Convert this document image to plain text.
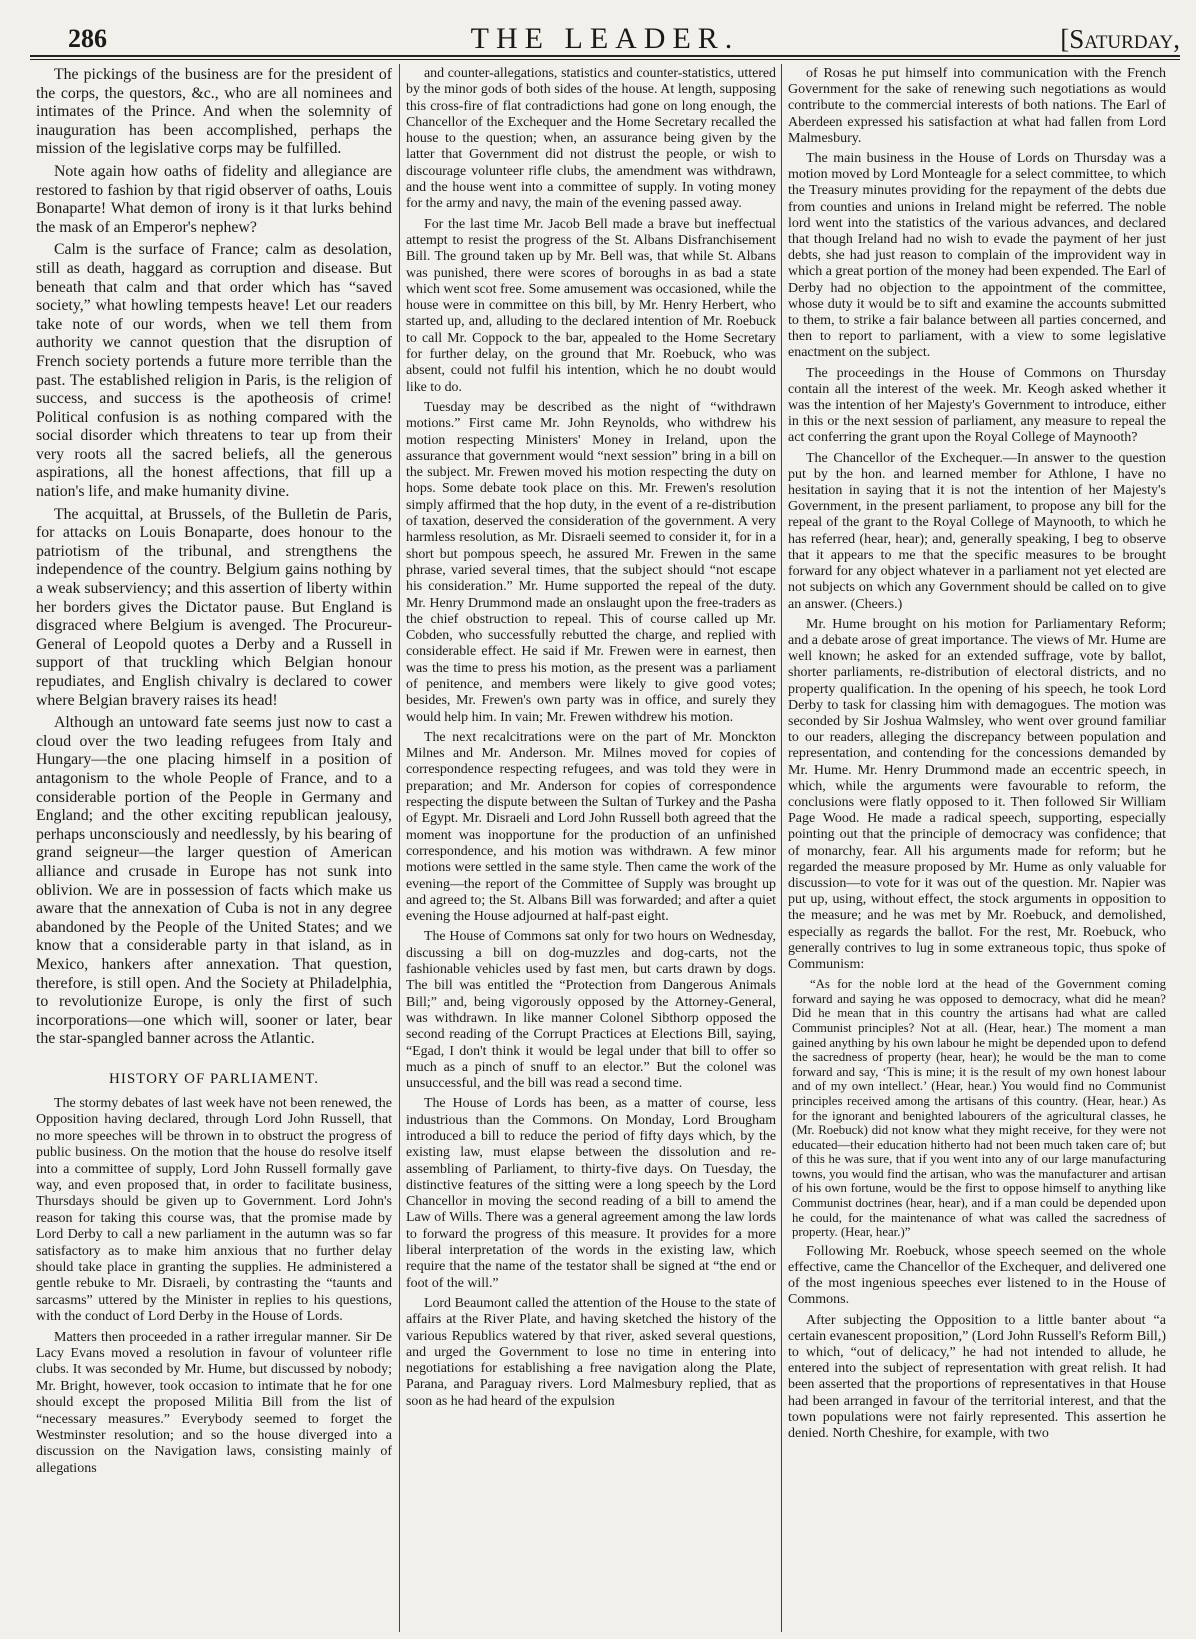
286	THE LEADER.	[Saturday,

The pickings of the business are for the president of the corps, the questors, &c., who are all nominees and intimates of the Prince. And when the solemnity of inauguration has been accomplished, perhaps the mission of the legislative corps may be fulfilled.

Note again how oaths of fidelity and allegiance are restored to fashion by that rigid observer of oaths, Louis Bonaparte! What demon of irony is it that lurks behind the mask of an Emperor's nephew?

Calm is the surface of France; calm as desolation, still as death, haggard as corruption and disease. But beneath that calm and that order which has “saved society,” what howling tempests heave! Let our readers take note of our words, when we tell them from authority we cannot question that the disruption of French society portends a future more terrible than the past. The established religion in Paris, is the religion of success, and success is the apotheosis of crime! Political confusion is as nothing compared with the social disorder which threatens to tear up from their very roots all the sacred beliefs, all the generous aspirations, all the honest affections, that fill up a nation's life, and make humanity divine.

The acquittal, at Brussels, of the Bulletin de Paris, for attacks on Louis Bonaparte, does honour to the patriotism of the tribunal, and strengthens the independence of the country. Belgium gains nothing by a weak subserviency; and this assertion of liberty within her borders gives the Dictator pause. But England is disgraced where Belgium is avenged. The Procureur-General of Leopold quotes a Derby and a Russell in support of that truckling which Belgian honour repudiates, and English chivalry is declared to cower where Belgian bravery raises its head!

Although an untoward fate seems just now to cast a cloud over the two leading refugees from Italy and Hungary—the one placing himself in a position of antagonism to the whole People of France, and to a considerable portion of the People in Germany and England; and the other exciting republican jealousy, perhaps unconsciously and needlessly, by his bearing of grand seigneur—the larger question of American alliance and crusade in Europe has not sunk into oblivion. We are in possession of facts which make us aware that the annexation of Cuba is not in any degree abandoned by the People of the United States; and we know that a considerable party in that island, as in Mexico, hankers after annexation. That question, therefore, is still open. And the Society at Philadelphia, to revolutionize Europe, is only the first of such incorporations—one which will, sooner or later, bear the star-spangled banner across the Atlantic.

HISTORY OF PARLIAMENT.

The stormy debates of last week have not been renewed, the Opposition having declared, through Lord John Russell, that no more speeches will be thrown in to obstruct the progress of public business. On the motion that the house do resolve itself into a committee of supply, Lord John Russell formally gave way, and even proposed that, in order to facilitate business, Thursdays should be given up to Government. Lord John's reason for taking this course was, that the promise made by Lord Derby to call a new parliament in the autumn was so far satisfactory as to make him anxious that no further delay should take place in granting the supplies. He administered a gentle rebuke to Mr. Disraeli, by contrasting the “taunts and sarcasms” uttered by the Minister in replies to his questions, with the conduct of Lord Derby in the House of Lords.

Matters then proceeded in a rather irregular manner. Sir De Lacy Evans moved a resolution in favour of volunteer rifle clubs. It was seconded by Mr. Hume, but discussed by nobody; Mr. Bright, however, took occasion to intimate that he for one should except the proposed Militia Bill from the list of “necessary measures.” Everybody seemed to forget the Westminster resolution; and so the house diverged into a discussion on the Navigation laws, consisting mainly of allegations

and counter-allegations, statistics and counter-statistics, uttered by the minor gods of both sides of the house. At length, supposing this cross-fire of flat contradictions had gone on long enough, the Chancellor of the Exchequer and the Home Secretary recalled the house to the question; when, an assurance being given by the latter that Government did not distrust the people, or wish to discourage volunteer rifle clubs, the amendment was withdrawn, and the house went into a committee of supply. In voting money for the army and navy, the main of the evening passed away.

For the last time Mr. Jacob Bell made a brave but ineffectual attempt to resist the progress of the St. Albans Disfranchisement Bill. The ground taken up by Mr. Bell was, that while St. Albans was punished, there were scores of boroughs in as bad a state which went scot free. Some amusement was occasioned, while the house were in committee on this bill, by Mr. Henry Herbert, who started up, and, alluding to the declared intention of Mr. Roebuck to call Mr. Coppock to the bar, appealed to the Home Secretary for further delay, on the ground that Mr. Roebuck, who was absent, could not fulfil his intention, which he no doubt would like to do.

Tuesday may be described as the night of “withdrawn motions.” First came Mr. John Reynolds, who withdrew his motion respecting Ministers' Money in Ireland, upon the assurance that government would “next session” bring in a bill on the subject. Mr. Frewen moved his motion respecting the duty on hops. Some debate took place on this. Mr. Frewen's resolution simply affirmed that the hop duty, in the event of a re-distribution of taxation, deserved the consideration of the government. A very harmless resolution, as Mr. Disraeli seemed to consider it, for in a short but pompous speech, he assured Mr. Frewen in the same phrase, varied several times, that the subject should “not escape his consideration.” Mr. Hume supported the repeal of the duty. Mr. Henry Drummond made an onslaught upon the free-traders as the chief obstruction to repeal. This of course called up Mr. Cobden, who successfully rebutted the charge, and replied with considerable effect. He said if Mr. Frewen were in earnest, then was the time to press his motion, as the present was a parliament of penitence, and members were likely to give good votes; besides, Mr. Frewen's own party was in office, and surely they would help him. In vain; Mr. Frewen withdrew his motion.

The next recalcitrations were on the part of Mr. Monckton Milnes and Mr. Anderson. Mr. Milnes moved for copies of correspondence respecting refugees, and was told they were in preparation; and Mr. Anderson for copies of correspondence respecting the dispute between the Sultan of Turkey and the Pasha of Egypt. Mr. Disraeli and Lord John Russell both agreed that the moment was inopportune for the production of an unfinished correspondence, and his motion was withdrawn. A few minor motions were settled in the same style. Then came the work of the evening—the report of the Committee of Supply was brought up and agreed to; the St. Albans Bill was forwarded; and after a quiet evening the House adjourned at half-past eight.

The House of Commons sat only for two hours on Wednesday, discussing a bill on dog-muzzles and dog-carts, not the fashionable vehicles used by fast men, but carts drawn by dogs. The bill was entitled the “Protection from Dangerous Animals Bill;” and, being vigorously opposed by the Attorney-General, was withdrawn. In like manner Colonel Sibthorp opposed the second reading of the Corrupt Practices at Elections Bill, saying, “Egad, I don't think it would be legal under that bill to offer so much as a pinch of snuff to an elector.” But the colonel was unsuccessful, and the bill was read a second time.

The House of Lords has been, as a matter of course, less industrious than the Commons. On Monday, Lord Brougham introduced a bill to reduce the period of fifty days which, by the existing law, must elapse between the dissolution and re-assembling of Parliament, to thirty-five days. On Tuesday, the distinctive features of the sitting were a long speech by the Lord Chancellor in moving the second reading of a bill to amend the Law of Wills. There was a general agreement among the law lords to forward the progress of this measure. It provides for a more liberal interpretation of the words in the existing law, which require that the name of the testator shall be signed at “the end or foot of the will.”

Lord Beaumont called the attention of the House to the state of affairs at the River Plate, and having sketched the history of the various Republics watered by that river, asked several questions, and urged the Government to lose no time in entering into negotiations for establishing a free navigation along the Plate, Parana, and Paraguay rivers. Lord Malmesbury replied, that as soon as he had heard of the expulsion

of Rosas he put himself into communication with the French Government for the sake of renewing such negotiations as would contribute to the commercial interests of both nations. The Earl of Aberdeen expressed his satisfaction at what had fallen from Lord Malmesbury.

The main business in the House of Lords on Thursday was a motion moved by Lord Monteagle for a select committee, to which the Treasury minutes providing for the repayment of the debts due from counties and unions in Ireland might be referred. The noble lord went into the statistics of the various advances, and declared that though Ireland had no wish to evade the payment of her just debts, she had just reason to complain of the improvident way in which a great portion of the money had been expended. The Earl of Derby had no objection to the appointment of the committee, whose duty it would be to sift and examine the accounts submitted to them, to strike a fair balance between all parties concerned, and then to report to parliament, with a view to some legislative enactment on the subject.

The proceedings in the House of Commons on Thursday contain all the interest of the week. Mr. Keogh asked whether it was the intention of her Majesty's Government to introduce, either in this or the next session of parliament, any measure to repeal the act conferring the grant upon the Royal College of Maynooth?

The Chancellor of the Exchequer.—In answer to the question put by the hon. and learned member for Athlone, I have no hesitation in saying that it is not the intention of her Majesty's Government, in the present parliament, to propose any bill for the repeal of the grant to the Royal College of Maynooth, to which he has referred (hear, hear); and, generally speaking, I beg to observe that it appears to me that the specific measures to be brought forward for any object whatever in a parliament not yet elected are not subjects on which any Government should be called on to give an answer. (Cheers.)

Mr. Hume brought on his motion for Parliamentary Reform; and a debate arose of great importance. The views of Mr. Hume are well known; he asked for an extended suffrage, vote by ballot, shorter parliaments, re-distribution of electoral districts, and no property qualification. In the opening of his speech, he took Lord Derby to task for classing him with demagogues. The motion was seconded by Sir Joshua Walmsley, who went over ground familiar to our readers, alleging the discrepancy between population and representation, and contending for the concessions demanded by Mr. Hume. Mr. Henry Drummond made an eccentric speech, in which, while the arguments were favourable to reform, the conclusions were flatly opposed to it. Then followed Sir William Page Wood. He made a radical speech, supporting, especially pointing out that the principle of democracy was confidence; that of monarchy, fear. All his arguments made for reform; but he regarded the measure proposed by Mr. Hume as only valuable for discussion—to vote for it was out of the question. Mr. Napier was put up, using, without effect, the stock arguments in opposition to the measure; and he was met by Mr. Roebuck, and demolished, especially as regards the ballot. For the rest, Mr. Roebuck, who generally contrives to lug in some extraneous topic, thus spoke of Communism:

“As for the noble lord at the head of the Government coming forward and saying he was opposed to democracy, what did he mean? Did he mean that in this country the artisans had what are called Communist principles? Not at all. (Hear, hear.) The moment a man gained anything by his own labour he might be depended upon to defend the sacredness of property (hear, hear); he would be the man to come forward and say, ‘This is mine; it is the result of my own honest labour and of my own intellect.’ (Hear, hear.) You would find no Communist principles received among the artisans of this country. (Hear, hear.) As for the ignorant and benighted labourers of the agricultural classes, he (Mr. Roebuck) did not know what they might receive, for they were not educated—their education hitherto had not been much taken care of; but of this he was sure, that if you went into any of our large manufacturing towns, you would find the artisan, who was the manufacturer and artisan of his own fortune, would be the first to oppose himself to anything like Communist doctrines (hear, hear), and if a man could be depended upon he could, for the maintenance of what was called the sacredness of property. (Hear, hear.)”

Following Mr. Roebuck, whose speech seemed on the whole effective, came the Chancellor of the Exchequer, and delivered one of the most ingenious speeches ever listened to in the House of Commons.

After subjecting the Opposition to a little banter about “a certain evanescent proposition,” (Lord John Russell's Reform Bill,) to which, “out of delicacy,” he had not intended to allude, he entered into the subject of representation with great relish. It had been asserted that the proportions of representatives in that House had been arranged in favour of the territorial interest, and that the town populations were not fairly represented. This assertion he denied. North Cheshire, for example, with two
